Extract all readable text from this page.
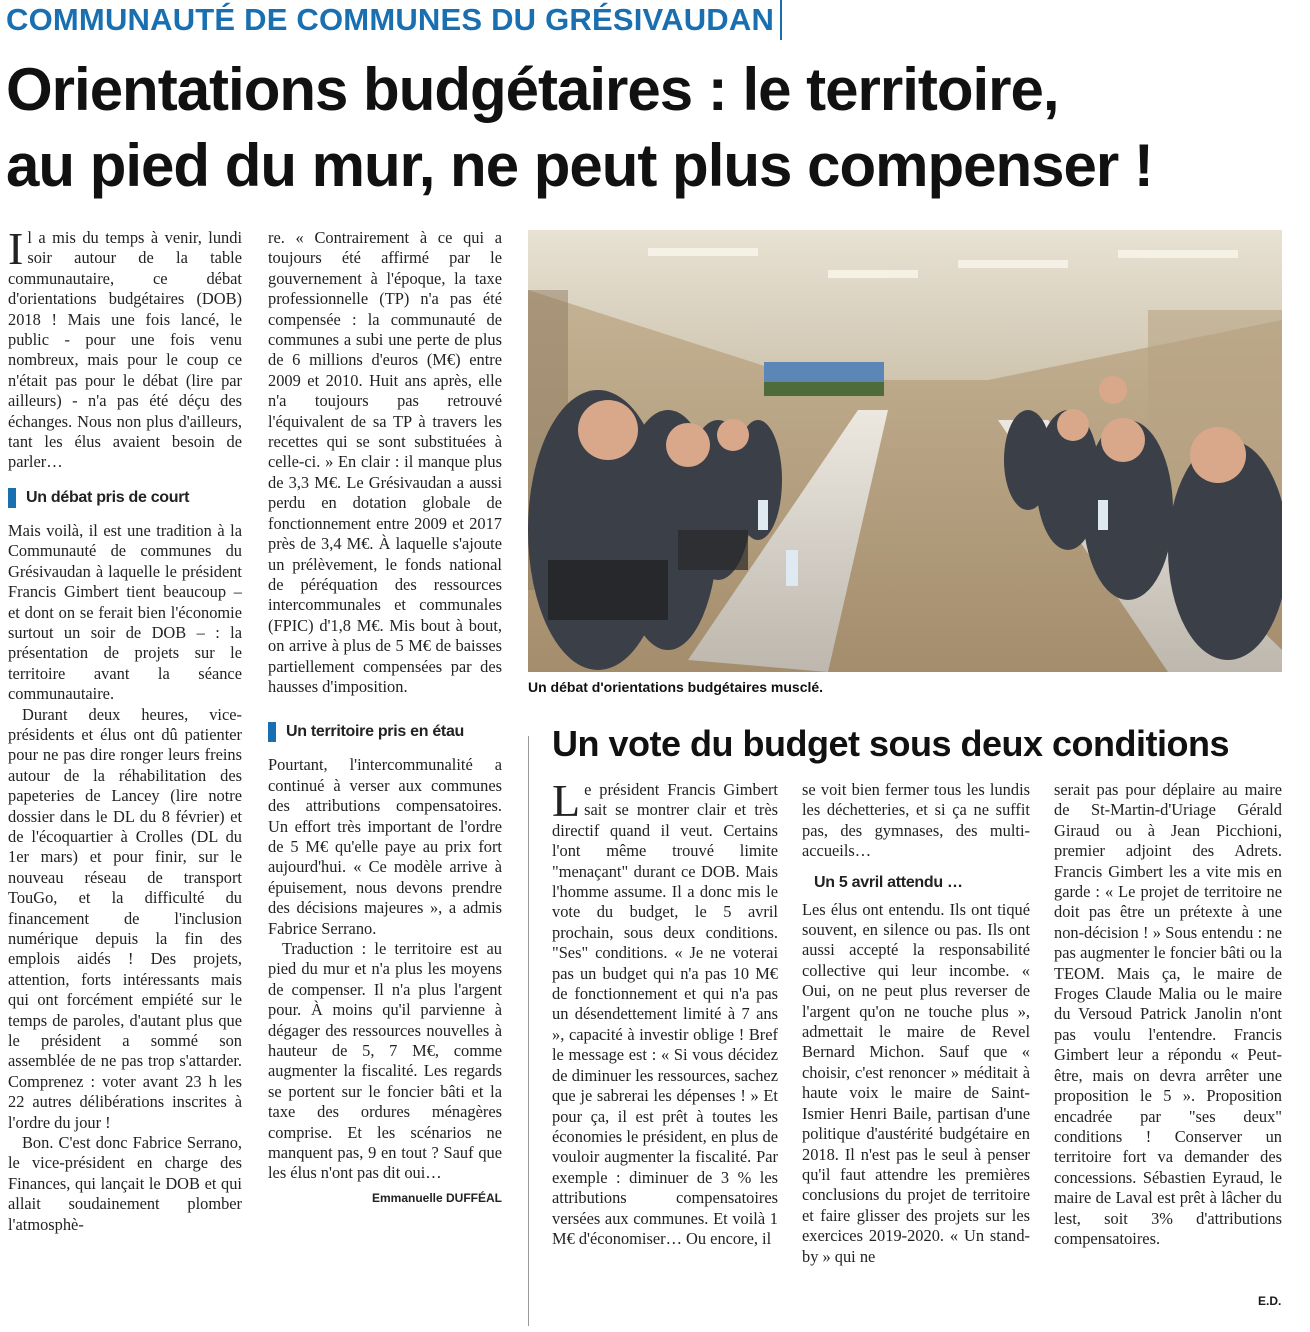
COMMUNAUTÉ DE COMMUNES DU GRÉSIVAUDAN
Orientations budgétaires : le territoire,
au pied du mur, ne peut plus compenser !

Il a mis du temps à venir, lundi soir autour de la table communautaire, ce débat d'orientations budgétaires (DOB) 2018 ! Mais une fois lancé, le public - pour une fois venu nombreux, mais pour le coup ce n'était pas pour le débat (lire par ailleurs) - n'a pas été déçu des échanges. Nous non plus d'ailleurs, tant les élus avaient besoin de parler…

Un débat pris de court

Mais voilà, il est une tradition à la Communauté de communes du Grésivaudan à laquelle le président Francis Gimbert tient beaucoup – et dont on se ferait bien l'économie surtout un soir de DOB – : la présentation de projets sur le territoire avant la séance communautaire.

Durant deux heures, vice-présidents et élus ont dû patienter pour ne pas dire ronger leurs freins autour de la réhabilitation des papeteries de Lancey (lire notre dossier dans le DL du 8 février) et de l'écoquartier à Crolles (DL du 1er mars) et pour finir, sur le nouveau réseau de transport TouGo, et la difficulté du financement de l'inclusion numérique depuis la fin des emplois aidés ! Des projets, attention, forts intéressants mais qui ont forcément empiété sur le temps de paroles, d'autant plus que le président a sommé son assemblée de ne pas trop s'attarder. Comprenez : voter avant 23 h les 22 autres délibérations inscrites à l'ordre du jour !

Bon. C'est donc Fabrice Serrano, le vice-président en charge des Finances, qui lançait le DOB et qui allait soudainement plomber l'atmosphè-

re. « Contrairement à ce qui a toujours été affirmé par le gouvernement à l'époque, la taxe professionnelle (TP) n'a pas été compensée : la communauté de communes a subi une perte de plus de 6 millions d'euros (M€) entre 2009 et 2010. Huit ans après, elle n'a toujours pas retrouvé l'équivalent de sa TP à travers les recettes qui se sont substituées à celle-ci. » En clair : il manque plus de 3,3 M€. Le Grésivaudan a aussi perdu en dotation globale de fonctionnement entre 2009 et 2017 près de 3,4 M€. À laquelle s'ajoute un prélèvement, le fonds national de péréquation des ressources intercommunales et communales (FPIC) d'1,8 M€. Mis bout à bout, on arrive à plus de 5 M€ de baisses partiellement compensées par des hausses d'imposition.

Un territoire pris en étau

Pourtant, l'intercommunalité a continué à verser aux communes des attributions compensatoires. Un effort très important de l'ordre de 5 M€ qu'elle paye au prix fort aujourd'hui. « Ce modèle arrive à épuisement, nous devons prendre des décisions majeures », a admis Fabrice Serrano.

Traduction : le territoire est au pied du mur et n'a plus les moyens de compenser. Il n'a plus l'argent pour. À moins qu'il parvienne à dégager des ressources nouvelles à hauteur de 5, 7 M€, comme augmenter la fiscalité. Les regards se portent sur le foncier bâti et la taxe des ordures ménagères comprise. Et les scénarios ne manquent pas, 9 en tout ? Sauf que les élus n'ont pas dit oui…

Emmanuelle DUFFÉAL
Un débat d'orientations budgétaires musclé.
Un vote du budget sous deux conditions

Le président Francis Gimbert sait se montrer clair et très directif quand il veut. Certains l'ont même trouvé limite "menaçant" durant ce DOB. Mais l'homme assume. Il a donc mis le vote du budget, le 5 avril prochain, sous deux conditions. "Ses" conditions. « Je ne voterai pas un budget qui n'a pas 10 M€ de fonctionnement et qui n'a pas un désendettement limité à 7 ans », capacité à investir oblige ! Bref le message est : « Si vous décidez de diminuer les ressources, sachez que je sabrerai les dépenses ! » Et pour ça, il est prêt à toutes les économies le président, en plus de vouloir augmenter la fiscalité. Par exemple : diminuer de 3 % les attributions compensatoires versées aux communes. Et voilà 1 M€ d'économiser… Ou encore, il

se voit bien fermer tous les lundis les déchetteries, et si ça ne suffit pas, des gymnases, des multi-accueils…

Un 5 avril attendu …

Les élus ont entendu. Ils ont tiqué souvent, en silence ou pas. Ils ont aussi accepté la responsabilité collective qui leur incombe. « Oui, on ne peut plus reverser de l'argent qu'on ne touche plus », admettait le maire de Revel Bernard Michon. Sauf que « choisir, c'est renoncer » méditait à haute voix le maire de Saint-Ismier Henri Baile, partisan d'une politique d'austérité budgétaire en 2018. Il n'est pas le seul à penser qu'il faut attendre les premières conclusions du projet de territoire et faire glisser des projets sur les exercices 2019-2020. « Un stand-by » qui ne

serait pas pour déplaire au maire de St-Martin-d'Uriage Gérald Giraud ou à Jean Picchioni, premier adjoint des Adrets. Francis Gimbert les a vite mis en garde : « Le projet de territoire ne doit pas être un prétexte à une non-décision ! » Sous entendu : ne pas augmenter le foncier bâti ou la TEOM. Mais ça, le maire de Froges Claude Malia ou le maire du Versoud Patrick Janolin n'ont pas voulu l'entendre. Francis Gimbert leur a répondu « Peut-être, mais on devra arrêter une proposition le 5 ». Proposition encadrée par "ses deux" conditions ! Conserver un territoire fort va demander des concessions. Sébastien Eyraud, le maire de Laval est prêt à lâcher du lest, soit 3% d'attributions compensatoires.

E.D.
